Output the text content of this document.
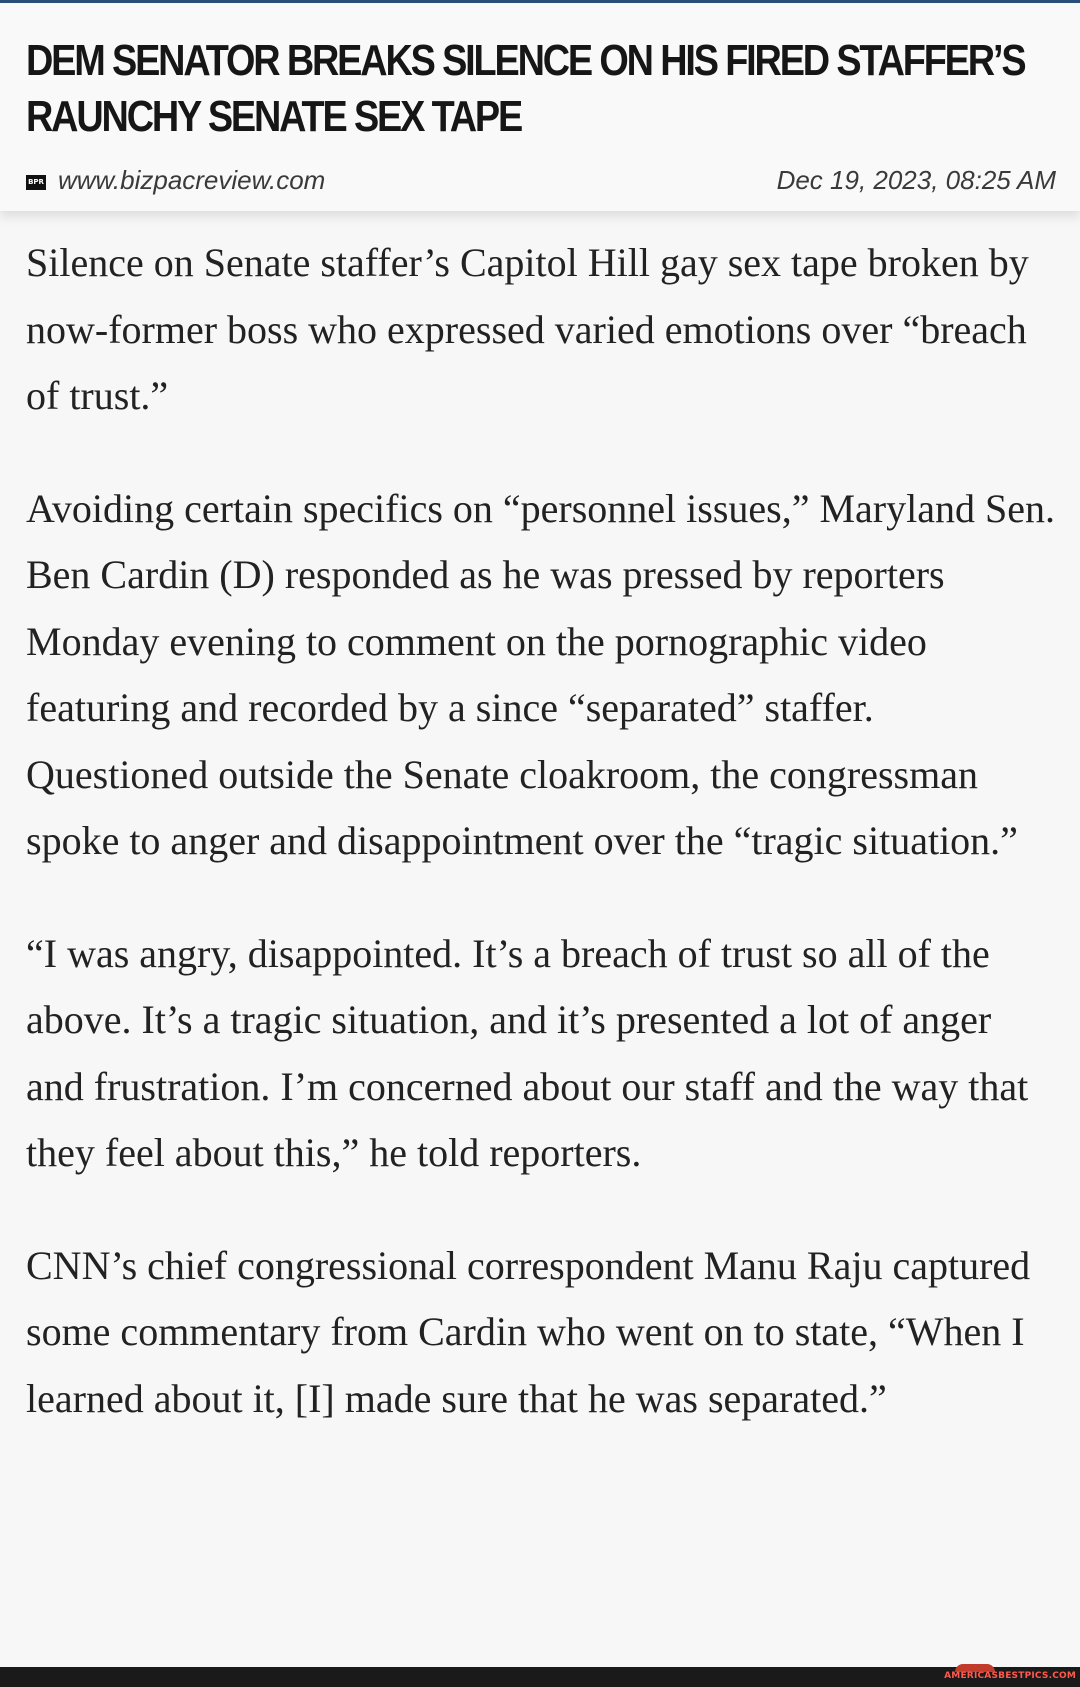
DEM SENATOR BREAKS SILENCE ON HIS FIRED STAFFER’S RAUNCHY SENATE SEX TAPE
BPR www.bizpacreview.com	Dec 19, 2023, 08:25 AM

Silence on Senate staffer’s Capitol Hill gay sex tape broken by now-former boss who expressed varied emotions over “breach of trust.”

Avoiding certain specifics on “personnel issues,” Maryland Sen. Ben Cardin (D) responded as he was pressed by reporters Monday evening to comment on the pornographic video featuring and recorded by a since “separated” staffer. Questioned outside the Senate cloakroom, the congressman spoke to anger and disappointment over the “tragic situation.”

“I was angry, disappointed. It’s a breach of trust so all of the above. It’s a tragic situation, and it’s presented a lot of anger and frustration. I’m concerned about our staff and the way that they feel about this,” he told reporters.

CNN’s chief congressional correspondent Manu Raju captured some commentary from Cardin who went on to state, “When I learned about it, [I] made sure that he was separated.”

AMERICASBESTPICS.COM
